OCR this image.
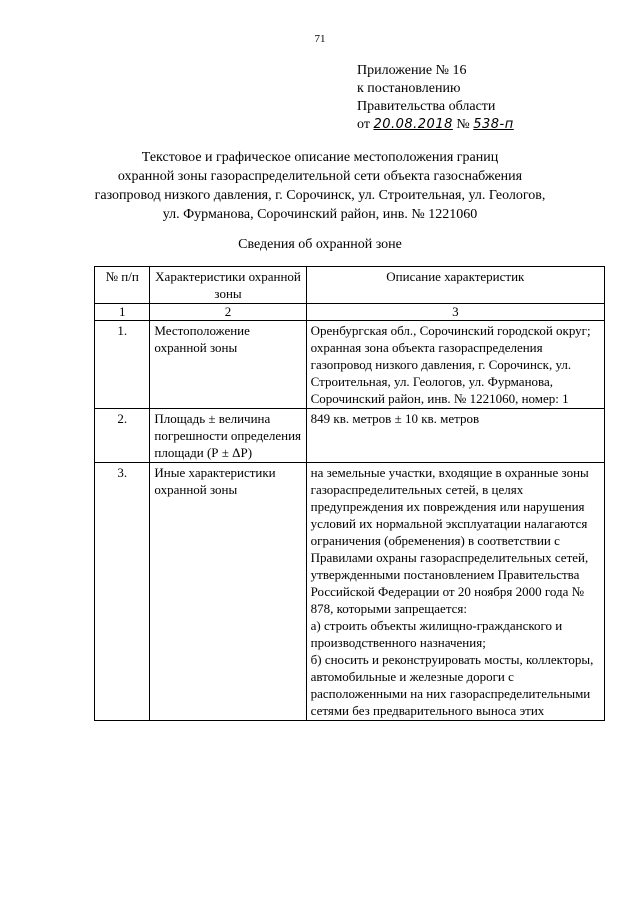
71
Приложение № 16
к постановлению
Правительства области
от 20.08.2018 № 538-п
Текстовое и графическое описание местоположения границ
охранной зоны газораспределительной сети объекта газоснабжения
газопровод низкого давления, г. Сорочинск, ул. Строительная, ул. Геологов,
ул. Фурманова, Сорочинский район, инв. № 1221060
Сведения об охранной зоне
№ п/п	Характеристики охранной зоны	Описание характеристик
1	2	3
1.	Местоположение охранной зоны	Оренбургская обл., Сорочинский городской округ; охранная зона объекта газораспределения газопровод низкого давления, г. Сорочинск, ул. Строительная, ул. Геологов, ул. Фурманова, Сорочинский район, инв. № 1221060, номер: 1
2.	Площадь ± величина погрешности определения площади (Р ± ΔР)	849 кв. метров ± 10 кв. метров
3.	Иные характеристики охранной зоны	на земельные участки, входящие в охранные зоны газораспределительных сетей, в целях предупреждения их повреждения или нарушения условий их нормальной эксплуатации налагаются ограничения (обременения) в соответствии с Правилами охраны газораспределительных сетей, утвержденными постановлением Правительства Российской Федерации от 20 ноября 2000 года № 878, которыми запрещается:
а) строить объекты жилищно-гражданского и производственного назначения;
б) сносить и реконструировать мосты, коллекторы, автомобильные и железные дороги с расположенными на них газораспределительными сетями без предварительного выноса этих
